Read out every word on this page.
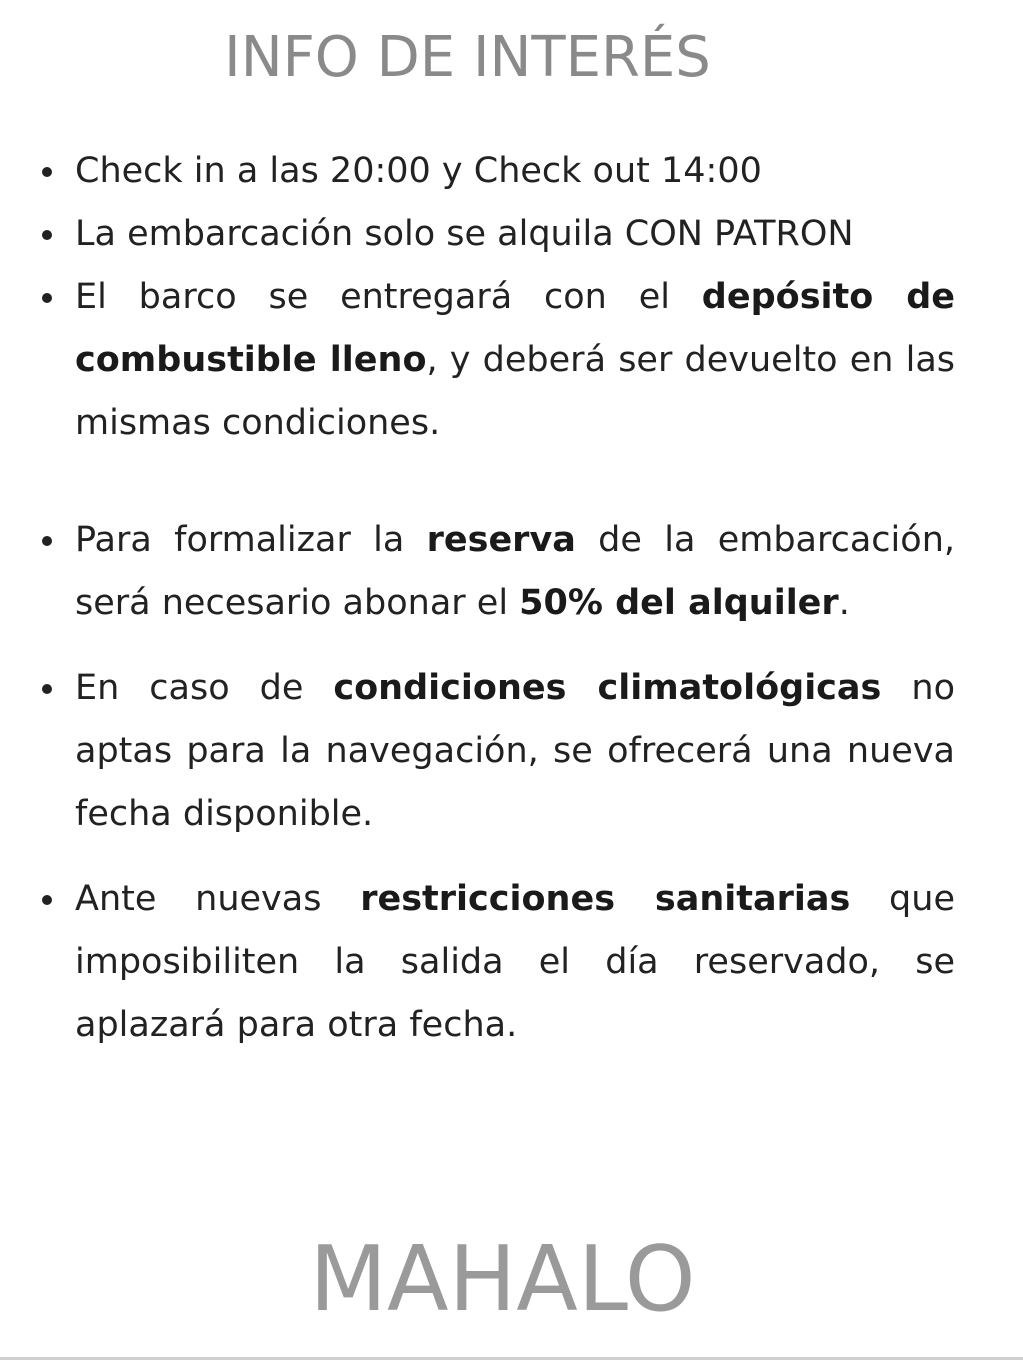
INFO DE INTERÉS
Check in a las 20:00 y Check out 14:00
La embarcación solo se alquila CON PATRON
El barco se entregará con el depósito de combustible lleno, y deberá ser devuelto en las mismas condiciones.
Para formalizar la reserva de la embarcación, será necesario abonar el 50% del alquiler.
En caso de condiciones climatológicas no aptas para la navegación, se ofrecerá una nueva fecha disponible.
Ante nuevas restricciones sanitarias que imposibiliten la salida el día reservado, se aplazará para otra fecha.
MAHALO
